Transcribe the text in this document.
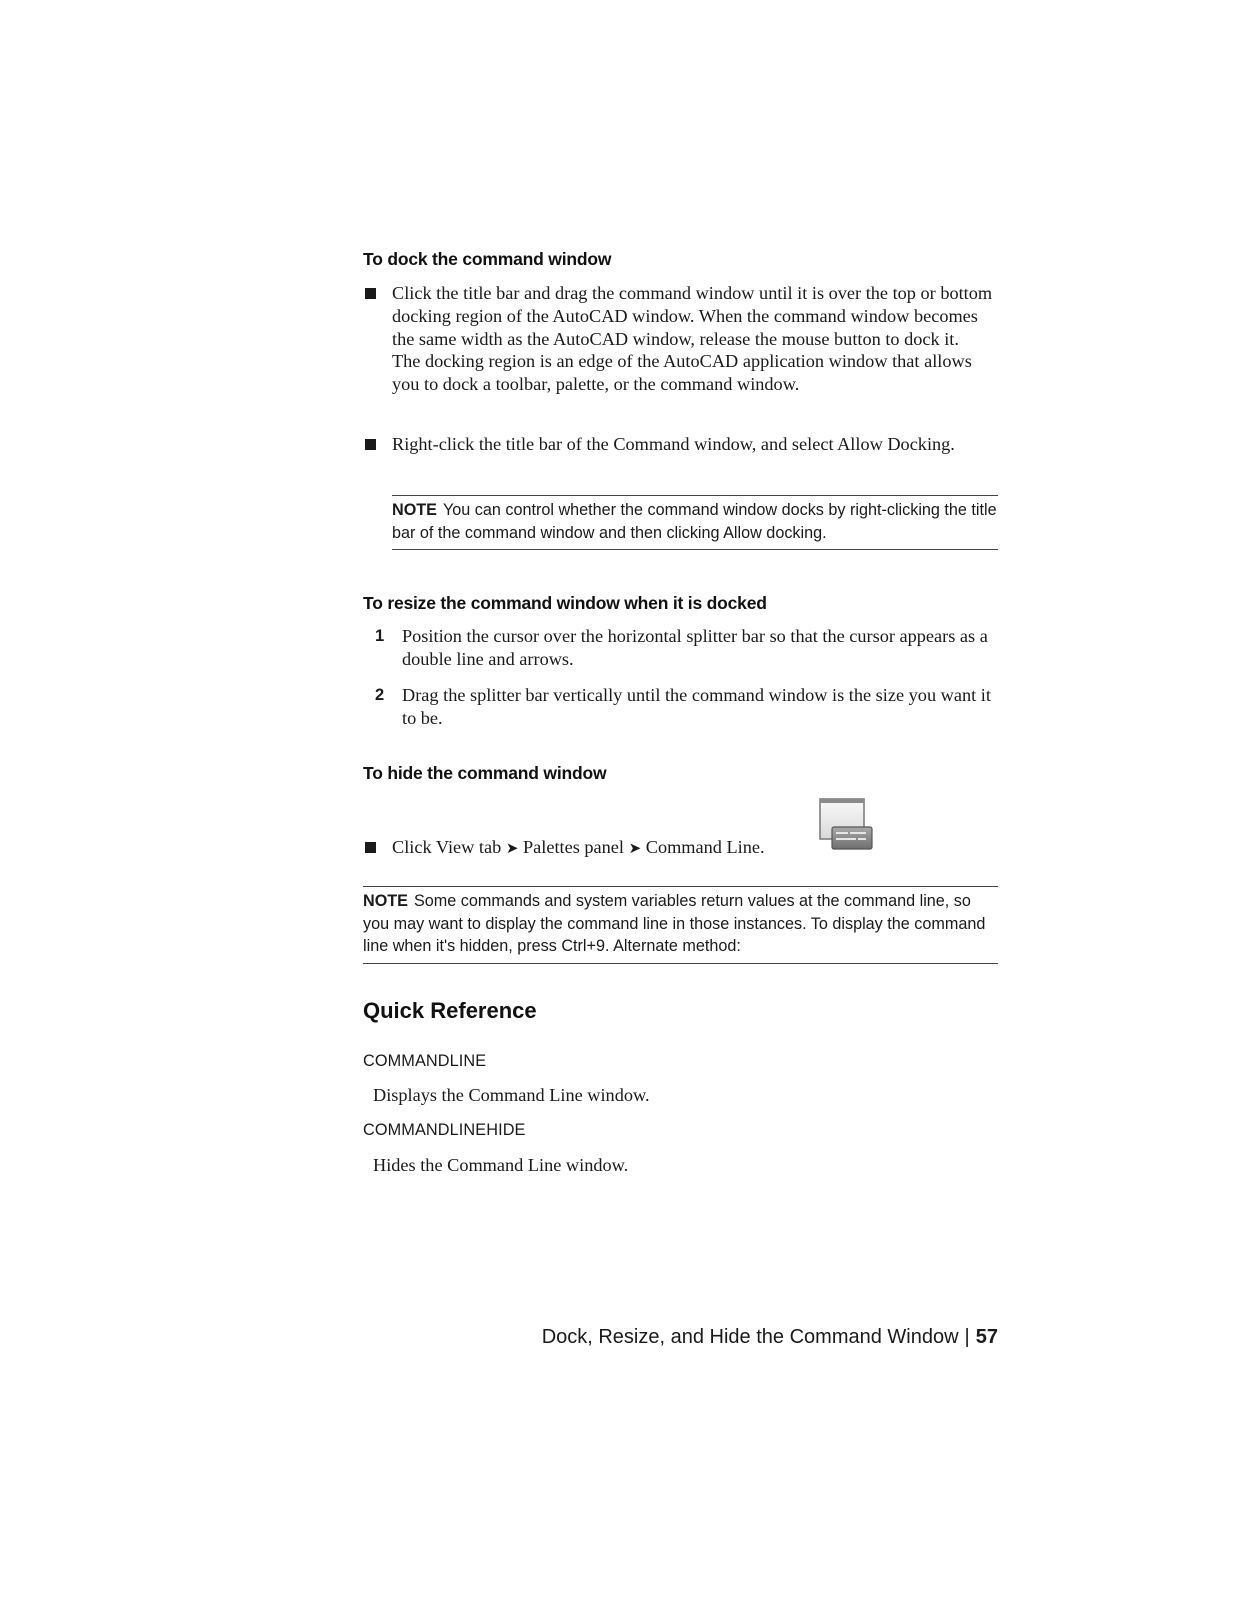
To dock the command window

Click the title bar and drag the command window until it is over the top or bottom docking region of the AutoCAD window. When the command window becomes the same width as the AutoCAD window, release the mouse button to dock it.

The docking region is an edge of the AutoCAD application window that allows you to dock a toolbar, palette, or the command window.

Right-click the title bar of the Command window, and select Allow Docking.
NOTE You can control whether the command window docks by right-clicking the title bar of the command window and then clicking Allow docking.
To resize the command window when it is docked
1 Position the cursor over the horizontal splitter bar so that the cursor appears as a double line and arrows.
2 Drag the splitter bar vertically until the command window is the size you want it to be.
To hide the command window
Click View tab ➤ Palettes panel ➤ Command Line.
NOTE Some commands and system variables return values at the command line, so you may want to display the command line in those instances. To display the command line when it's hidden, press Ctrl+9. Alternate method:
Quick Reference
COMMANDLINE
Displays the Command Line window.
COMMANDLINEHIDE
Hides the Command Line window.
Dock, Resize, and Hide the Command Window | 57
